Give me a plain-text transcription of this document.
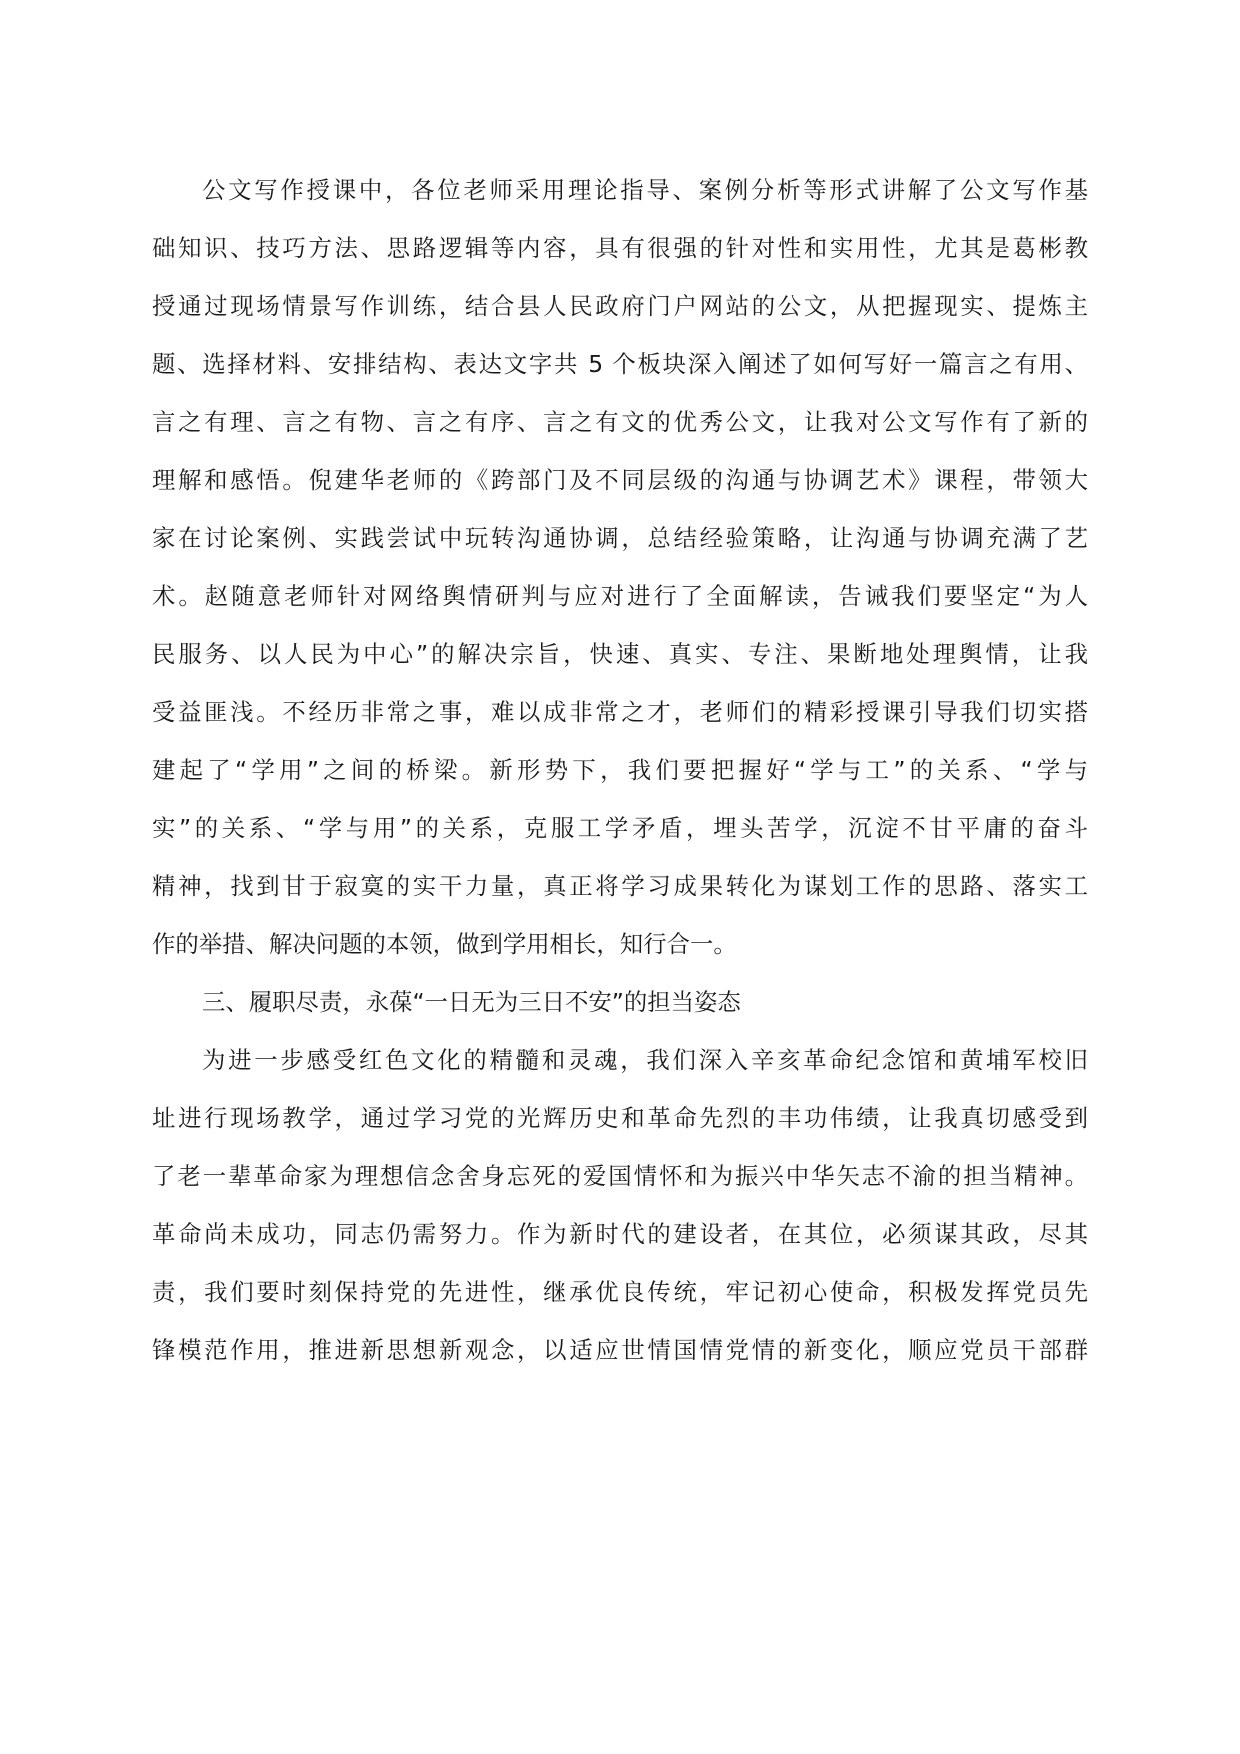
公文写作授课中，各位老师采用理论指导、案例分析等形式讲解了公文写作基
础知识、技巧方法、思路逻辑等内容，具有很强的针对性和实用性，尤其是葛彬教
授通过现场情景写作训练，结合县人民政府门户网站的公文，从把握现实、提炼主
题、选择材料、安排结构、表达文字共 5 个板块深入阐述了如何写好一篇言之有用、
言之有理、言之有物、言之有序、言之有文的优秀公文，让我对公文写作有了新的
理解和感悟。倪建华老师的《跨部门及不同层级的沟通与协调艺术》课程，带领大
家在讨论案例、实践尝试中玩转沟通协调，总结经验策略，让沟通与协调充满了艺
术。赵随意老师针对网络舆情研判与应对进行了全面解读，告诫我们要坚定“为人
民服务、以人民为中心”的解决宗旨，快速、真实、专注、果断地处理舆情，让我
受益匪浅。不经历非常之事，难以成非常之才，老师们的精彩授课引导我们切实搭
建起了“学用”之间的桥梁。新形势下，我们要把握好“学与工”的关系、“学与
实”的关系、“学与用”的关系，克服工学矛盾，埋头苦学，沉淀不甘平庸的奋斗
精神，找到甘于寂寞的实干力量，真正将学习成果转化为谋划工作的思路、落实工
作的举措、解决问题的本领，做到学用相长，知行合一。
三、履职尽责，永葆“一日无为三日不安”的担当姿态
为进一步感受红色文化的精髓和灵魂，我们深入辛亥革命纪念馆和黄埔军校旧
址进行现场教学，通过学习党的光辉历史和革命先烈的丰功伟绩，让我真切感受到
了老一辈革命家为理想信念舍身忘死的爱国情怀和为振兴中华矢志不渝的担当精神。
革命尚未成功，同志仍需努力。作为新时代的建设者，在其位，必须谋其政，尽其
责，我们要时刻保持党的先进性，继承优良传统，牢记初心使命，积极发挥党员先
锋模范作用，推进新思想新观念，以适应世情国情党情的新变化，顺应党员干部群
